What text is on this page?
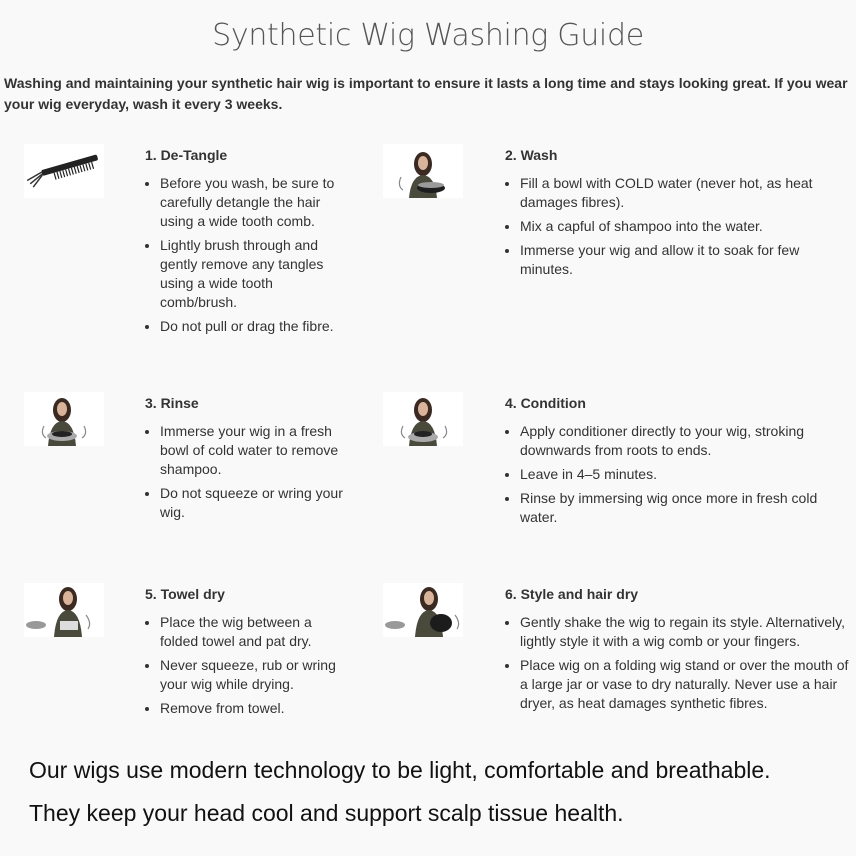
Synthetic Wig Washing Guide
Washing and maintaining your synthetic hair wig is important to ensure it lasts a long time and stays looking great. If you wear your wig everyday, wash it every 3 weeks.

1. De-Tangle

• Before you wash, be sure to carefully detangle the hair using a wide tooth comb.
• Lightly brush through and gently remove any tangles using a wide tooth comb/brush.
• Do not pull or drag the fibre.

2. Wash

• Fill a bowl with COLD water (never hot, as heat damages fibres).
• Mix a capful of shampoo into the water.
• Immerse your wig and allow it to soak for few minutes.

3. Rinse

• Immerse your wig in a fresh bowl of cold water to remove shampoo.
• Do not squeeze or wring your wig.

4. Condition

• Apply conditioner directly to your wig, stroking downwards from roots to ends.
• Leave in 4–5 minutes.
• Rinse by immersing wig once more in fresh cold water.

5. Towel dry

• Place the wig between a folded towel and pat dry.
• Never squeeze, rub or wring your wig while drying.
• Remove from towel.

6. Style and hair dry

• Gently shake the wig to regain its style. Alternatively, lightly style it with a wig comb or your fingers.
• Place wig on a folding wig stand or over the mouth of a large jar or vase to dry naturally. Never use a hair dryer, as heat damages synthetic fibres.
Our wigs use modern technology to be light, comfortable and breathable.
They keep your head cool and support scalp tissue health.
